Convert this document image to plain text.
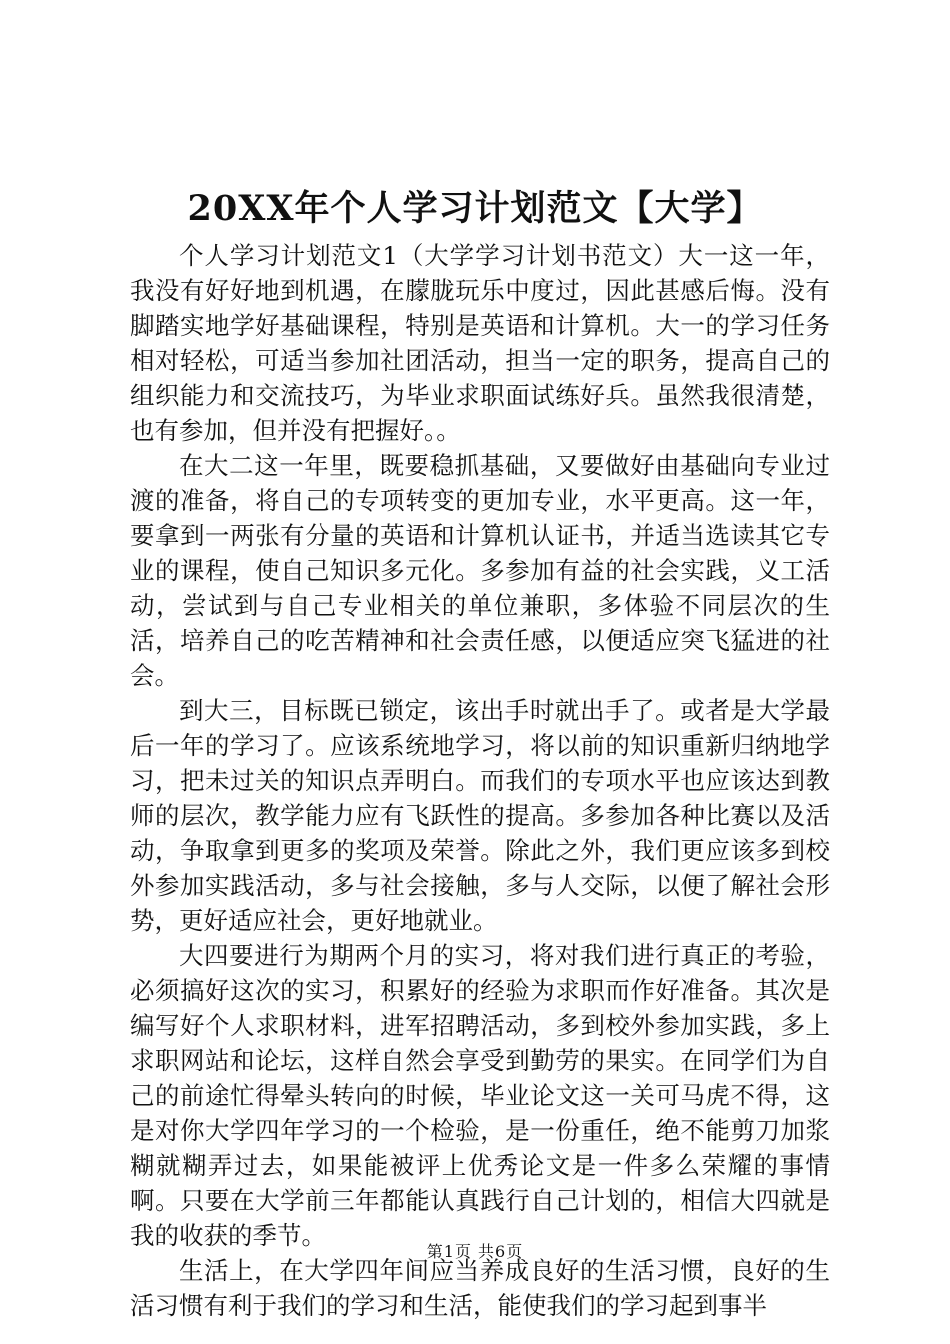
20XX年个人学习计划范文【大学】

个人学习计划范文1（大学学习计划书范文）大一这一年，我没有好好地到机遇，在朦胧玩乐中度过，因此甚感后悔。没有脚踏实地学好基础课程，特别是英语和计算机。大一的学习任务相对轻松，可适当参加社团活动，担当一定的职务，提高自己的组织能力和交流技巧，为毕业求职面试练好兵。虽然我很清楚，也有参加，但并没有把握好。。

在大二这一年里，既要稳抓基础，又要做好由基础向专业过渡的准备，将自己的专项转变的更加专业，水平更高。这一年，要拿到一两张有分量的英语和计算机认证书，并适当选读其它专业的课程，使自己知识多元化。多参加有益的社会实践，义工活动，尝试到与自己专业相关的单位兼职，多体验不同层次的生活，培养自己的吃苦精神和社会责任感，以便适应突飞猛进的社会。

到大三，目标既已锁定，该出手时就出手了。或者是大学最后一年的学习了。应该系统地学习，将以前的知识重新归纳地学习，把未过关的知识点弄明白。而我们的专项水平也应该达到教师的层次，教学能力应有飞跃性的提高。多参加各种比赛以及活动，争取拿到更多的奖项及荣誉。除此之外，我们更应该多到校外参加实践活动，多与社会接触，多与人交际，以便了解社会形势，更好适应社会，更好地就业。

大四要进行为期两个月的实习，将对我们进行真正的考验，必须搞好这次的实习，积累好的经验为求职而作好准备。其次是编写好个人求职材料，进军招聘活动，多到校外参加实践，多上求职网站和论坛，这样自然会享受到勤劳的果实。在同学们为自己的前途忙得晕头转向的时候，毕业论文这一关可马虎不得，这是对你大学四年学习的一个检验，是一份重任，绝不能剪刀加浆糊就糊弄过去，如果能被评上优秀论文是一件多么荣耀的事情啊。只要在大学前三年都能认真践行自己计划的，相信大四就是我的收获的季节。

生活上，在大学四年间应当养成良好的生活习惯，良好的生活习惯有利于我们的学习和生活，能使我们的学习起到事半

第1页 共6页
